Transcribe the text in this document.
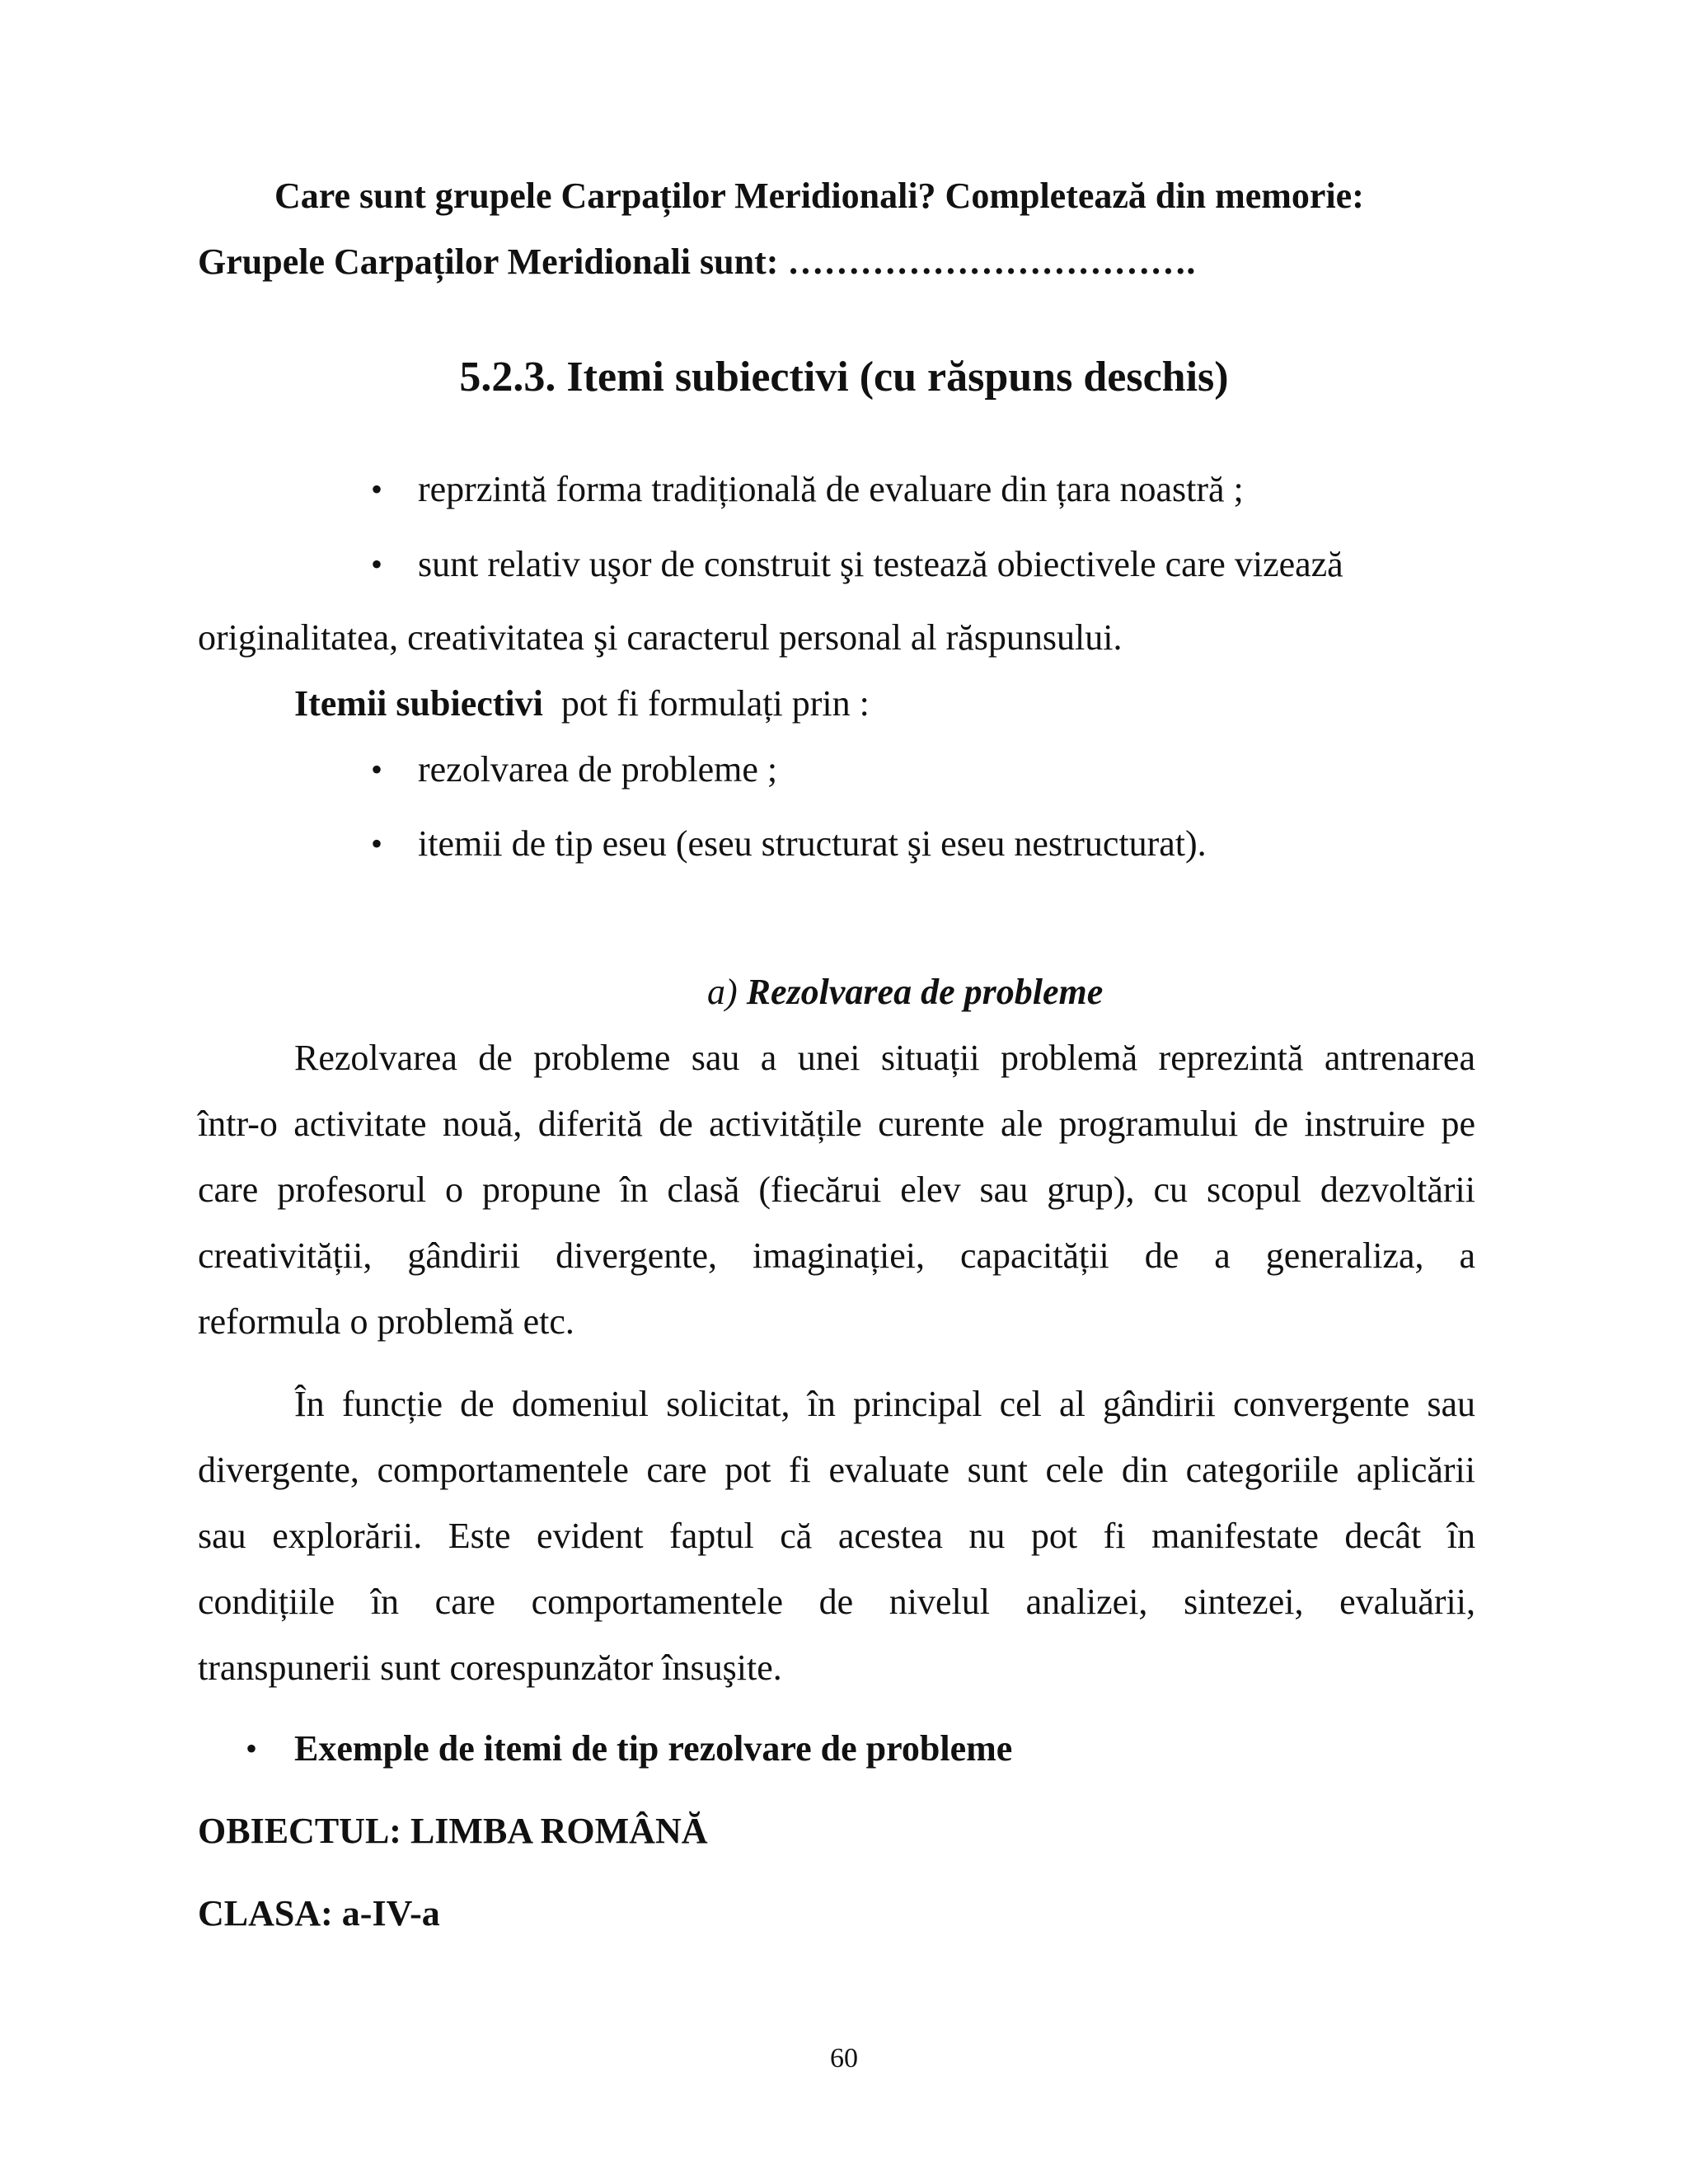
Care sunt grupele Carpaților Meridionali? Completează din memorie:
Grupele Carpaților Meridionali sunt: …………………………….
5.2.3. Itemi subiectivi (cu răspuns deschis)
• reprzintă forma tradițională de evaluare din țara noastră ;
• sunt relativ uşor de construit şi testează obiectivele care vizează
originalitatea, creativitatea şi caracterul personal al răspunsului.
Itemii subiectivi pot fi formulați prin :
• rezolvarea de probleme ;
• itemii de tip eseu (eseu structurat şi eseu nestructurat).
a) Rezolvarea de probleme
Rezolvarea de probleme sau a unei situații problemă reprezintă antrenarea
într-o activitate nouă, diferită de activitățile curente ale programului de instruire pe
care profesorul o propune în clasă (fiecărui elev sau grup), cu scopul dezvoltării
creativității, gândirii divergente, imaginației, capacității de a generaliza, a
reformula o problemă etc.
În funcție de domeniul solicitat, în principal cel al gândirii convergente sau
divergente, comportamentele care pot fi evaluate sunt cele din categoriile aplicării
sau explorării. Este evident faptul că acestea nu pot fi manifestate decât în
condițiile în care comportamentele de nivelul analizei, sintezei, evaluării,
transpunerii sunt corespunzător însuşite.
• Exemple de itemi de tip rezolvare de probleme
OBIECTUL: LIMBA ROMÂNĂ
CLASA: a-IV-a
60
